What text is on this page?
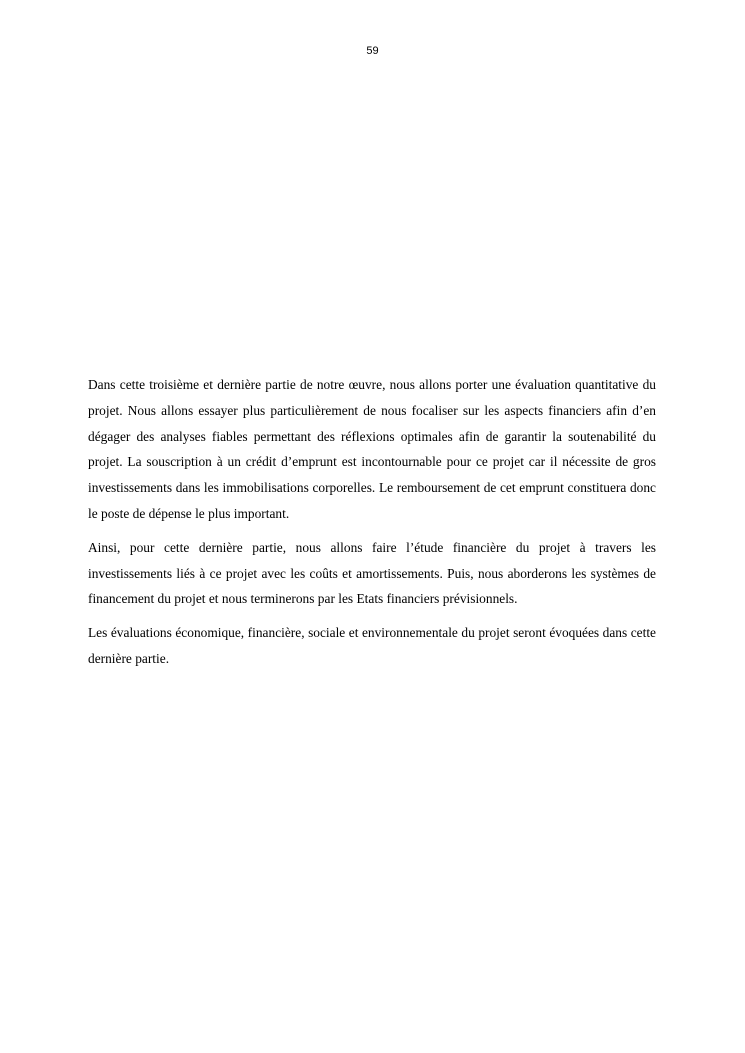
59

Dans cette troisième et dernière partie de notre œuvre, nous allons porter une évaluation quantitative du projet. Nous allons essayer plus particulièrement de nous focaliser sur les aspects financiers afin d’en dégager des analyses fiables permettant des réflexions optimales afin de garantir la soutenabilité du projet. La souscription à un crédit d’emprunt est incontournable pour ce projet car il nécessite de gros investissements dans les immobilisations corporelles. Le remboursement de cet emprunt constituera donc le poste de dépense le plus important.

Ainsi, pour cette dernière partie, nous allons faire l’étude financière du projet à travers les investissements liés à ce projet avec les coûts et amortissements. Puis, nous aborderons les systèmes de financement du projet et nous terminerons par les Etats financiers prévisionnels.

Les évaluations économique, financière, sociale et environnementale du projet seront évoquées dans cette dernière partie.
